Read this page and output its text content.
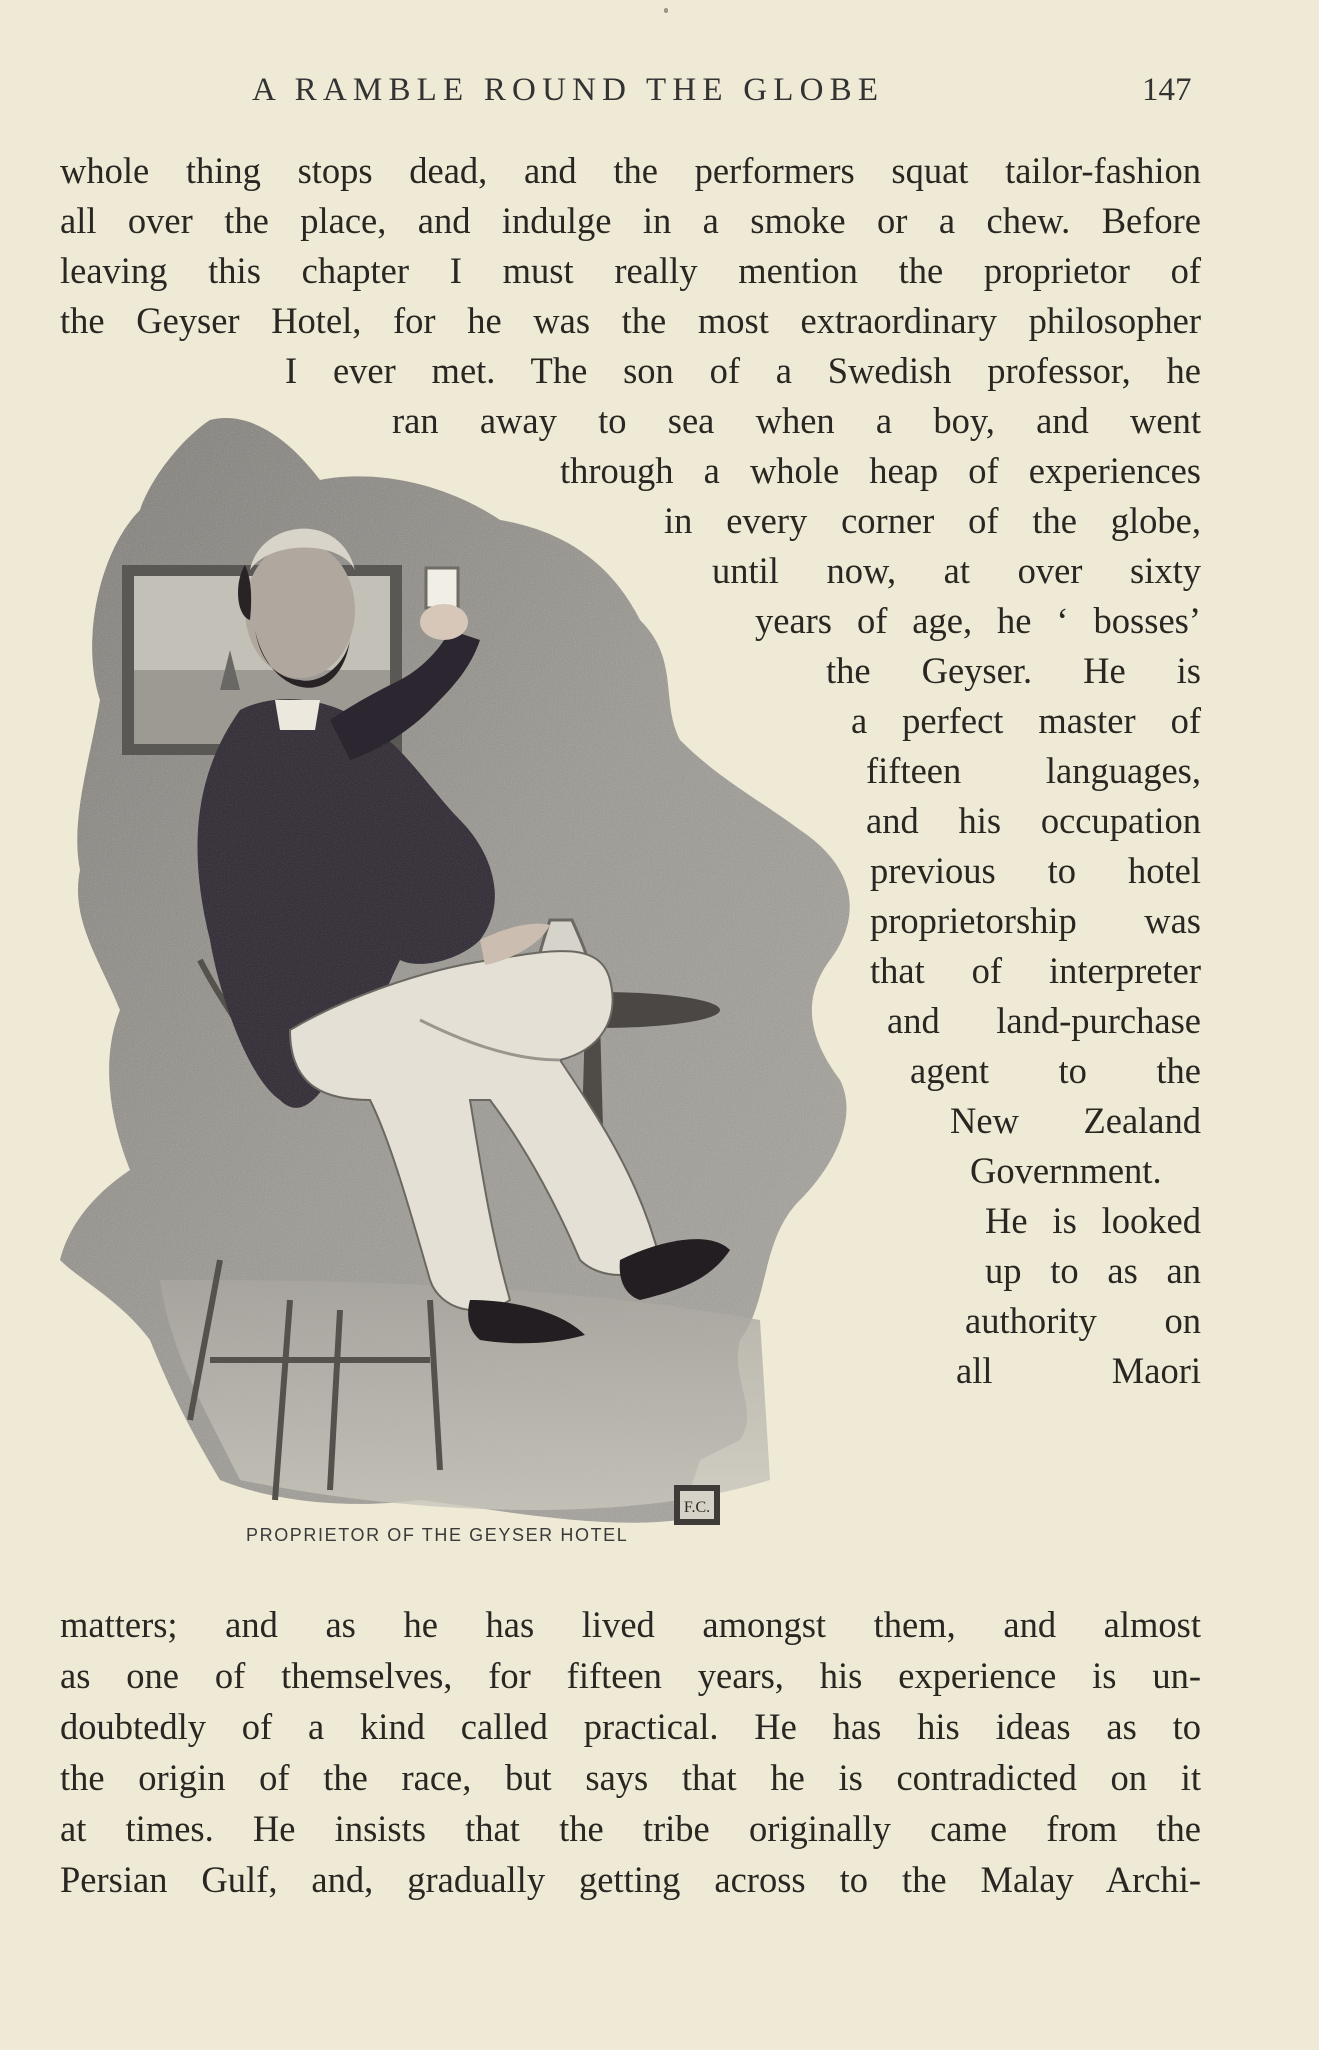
A RAMBLE ROUND THE GLOBE	147
F.C.
PROPRIETOR OF THE GEYSER HOTEL
whole thing stops dead, and the performers squat tailor-fashion
all over the place, and indulge in a smoke or a chew. Before
leaving this chapter I must really mention the proprietor of
the Geyser Hotel, for he was the most extraordinary philosopher
I ever met. The son of a Swedish professor, he
ran away to sea when a boy, and went
through a whole heap of experiences
in every corner of the globe,
until now, at over sixty
years of age, he ‘ bosses’
the Geyser. He is
a perfect master of
fifteen languages,
and his occupation
previous to hotel
proprietorship was
that of interpreter
and land-purchase
agent to the
New Zealand
Government.
He is looked
up to as an
authority on
all Maori
matters; and as he has lived amongst them, and almost
as one of themselves, for fifteen years, his experience is un-
doubtedly of a kind called practical. He has his ideas as to
the origin of the race, but says that he is contradicted on it
at times. He insists that the tribe originally came from the
Persian Gulf, and, gradually getting across to the Malay Archi-
